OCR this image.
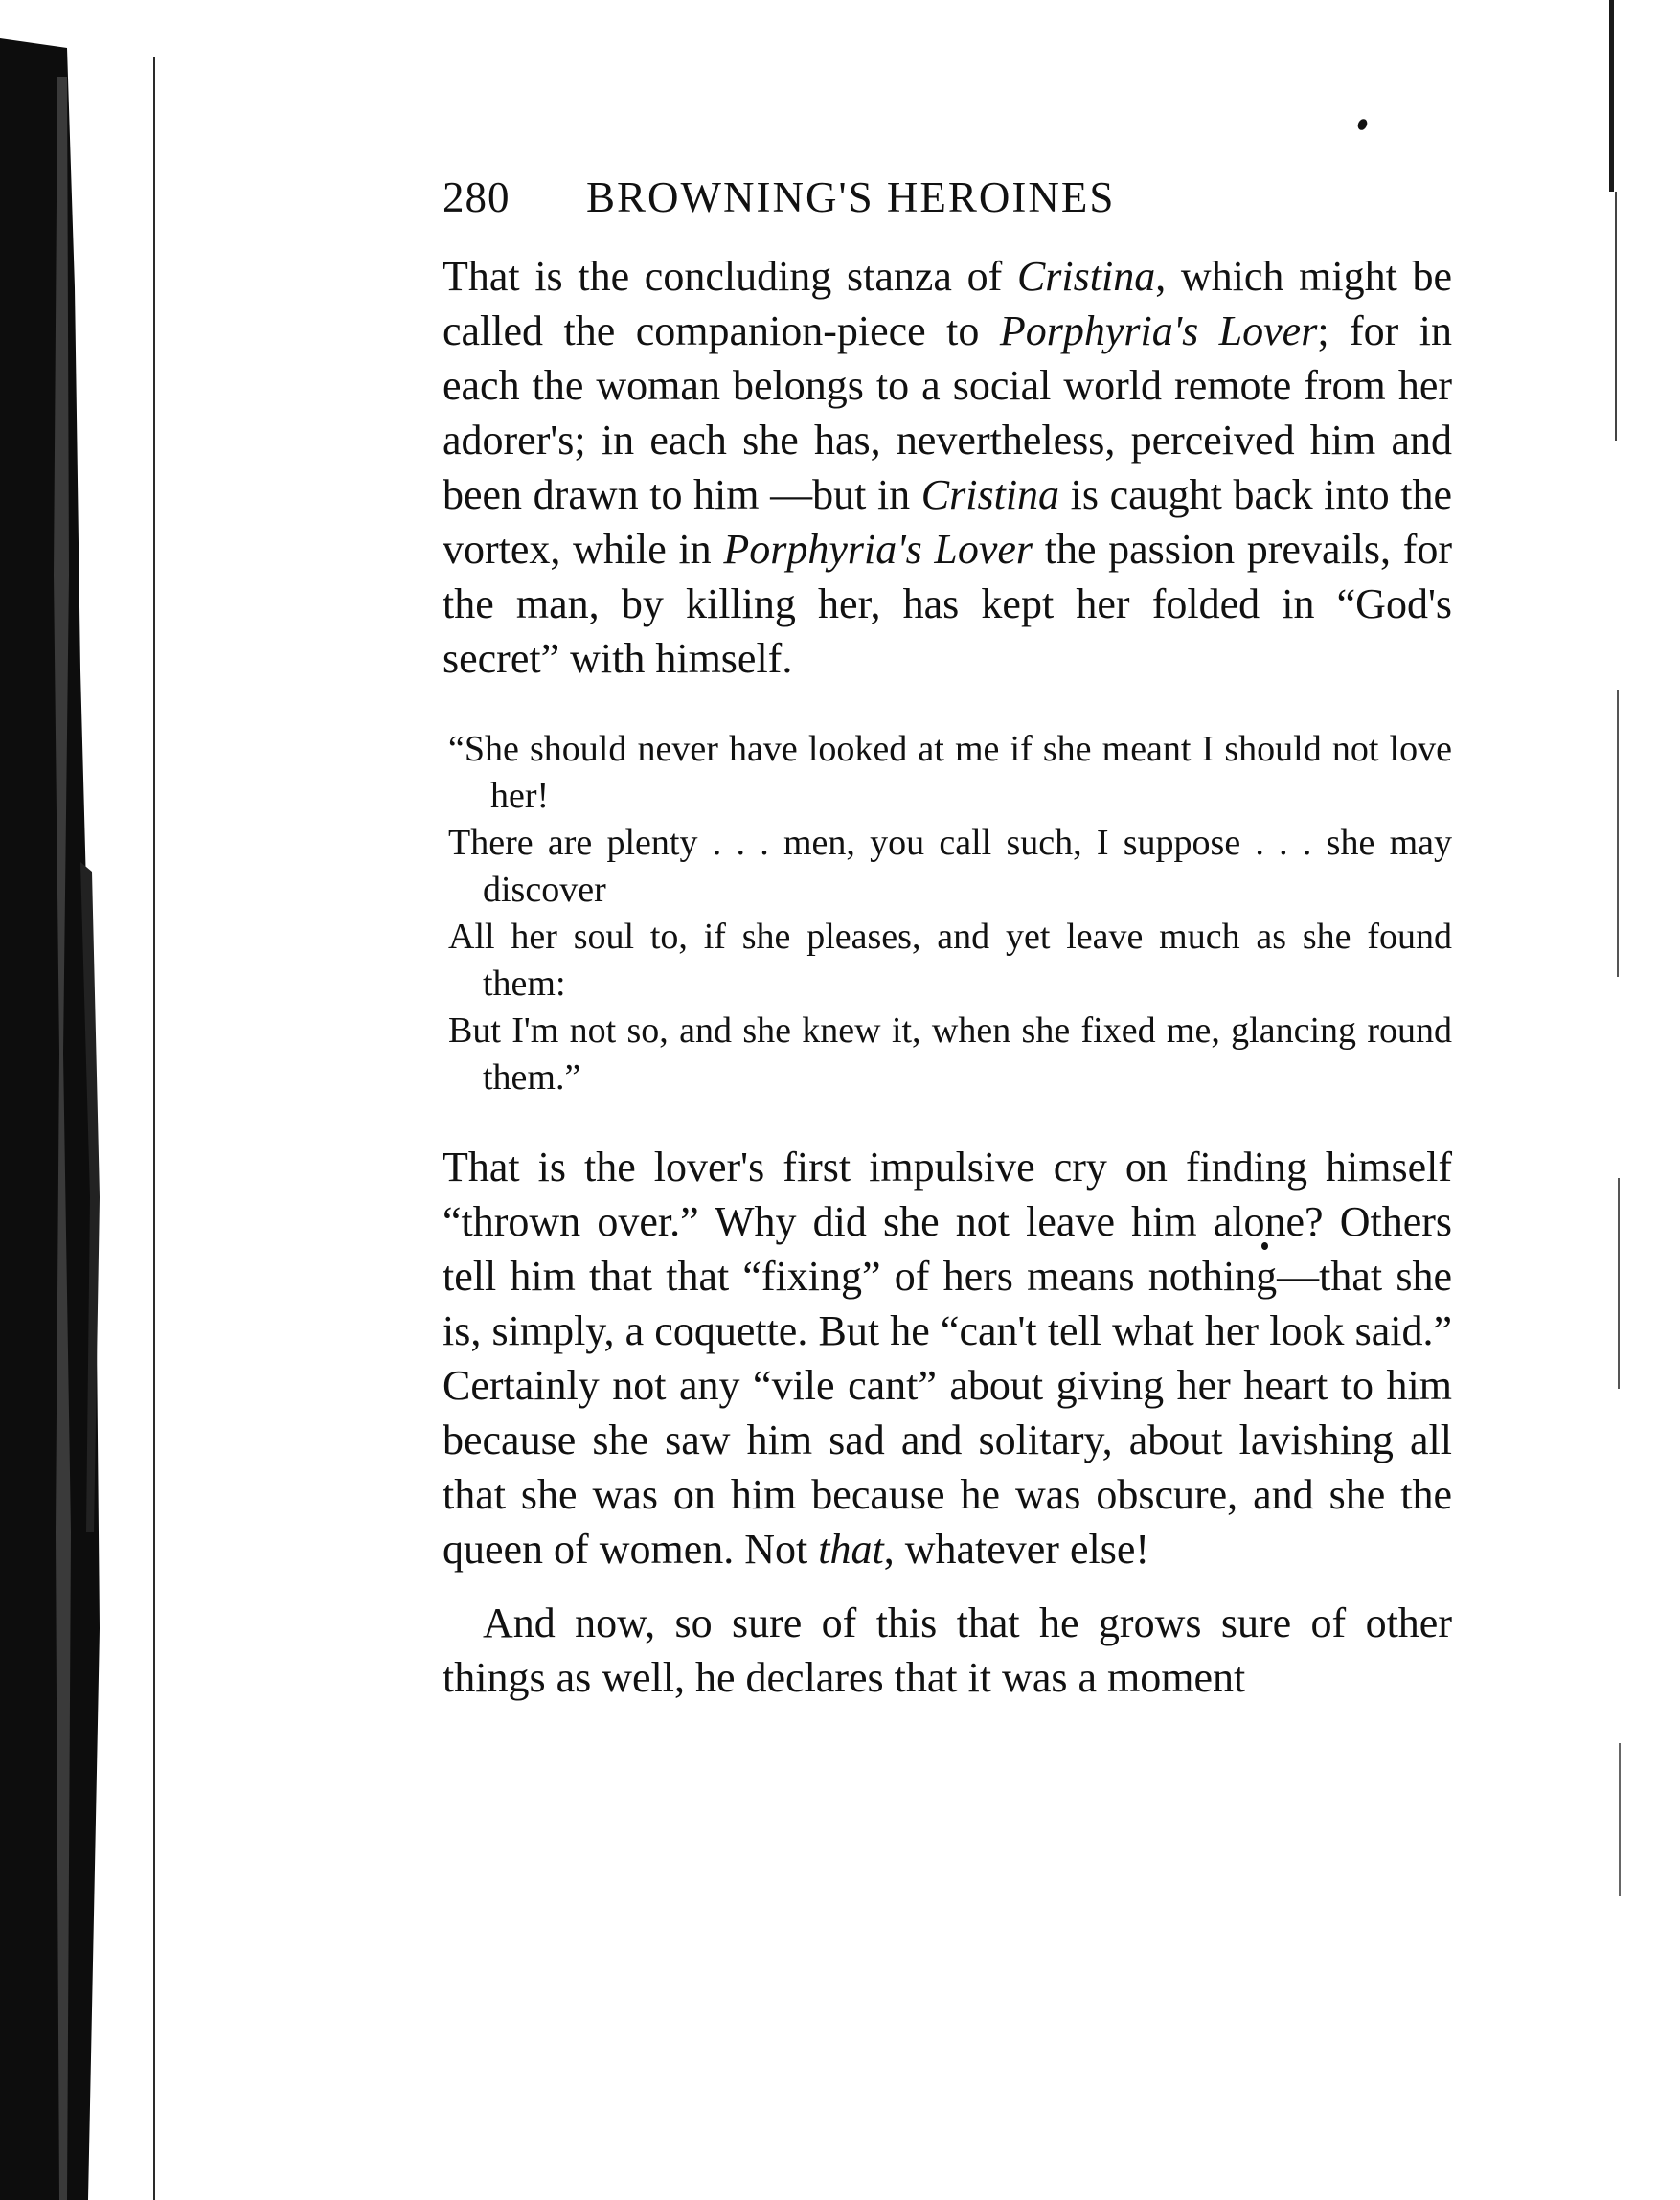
280	BROWNING'S HEROINES

That is the concluding stanza of Cristina, which might be called the companion-piece to Porphyria's Lover; for in each the woman belongs to a social world remote from her adorer's; in each she has, nevertheless, perceived him and been drawn to him —but in Cristina is caught back into the vortex, while in Porphyria's Lover the passion prevails, for the man, by killing her, has kept her folded in “God's secret” with himself.

“She should never have looked at me if she meant I should not love her!

There are plenty . . . men, you call such, I suppose . . . she may discover

All her soul to, if she pleases, and yet leave much as she found them:

But I'm not so, and she knew it, when she fixed me, glancing round them.”

That is the lover's first impulsive cry on finding himself “thrown over.” Why did she not leave him alone? Others tell him that that “fixing” of hers means nothing—that she is, simply, a coquette. But he “can't tell what her look said.” Certainly not any “vile cant” about giving her heart to him because she saw him sad and solitary, about lavishing all that she was on him because he was obscure, and she the queen of women. Not that, whatever else!

And now, so sure of this that he grows sure of other things as well, he declares that it was a moment
